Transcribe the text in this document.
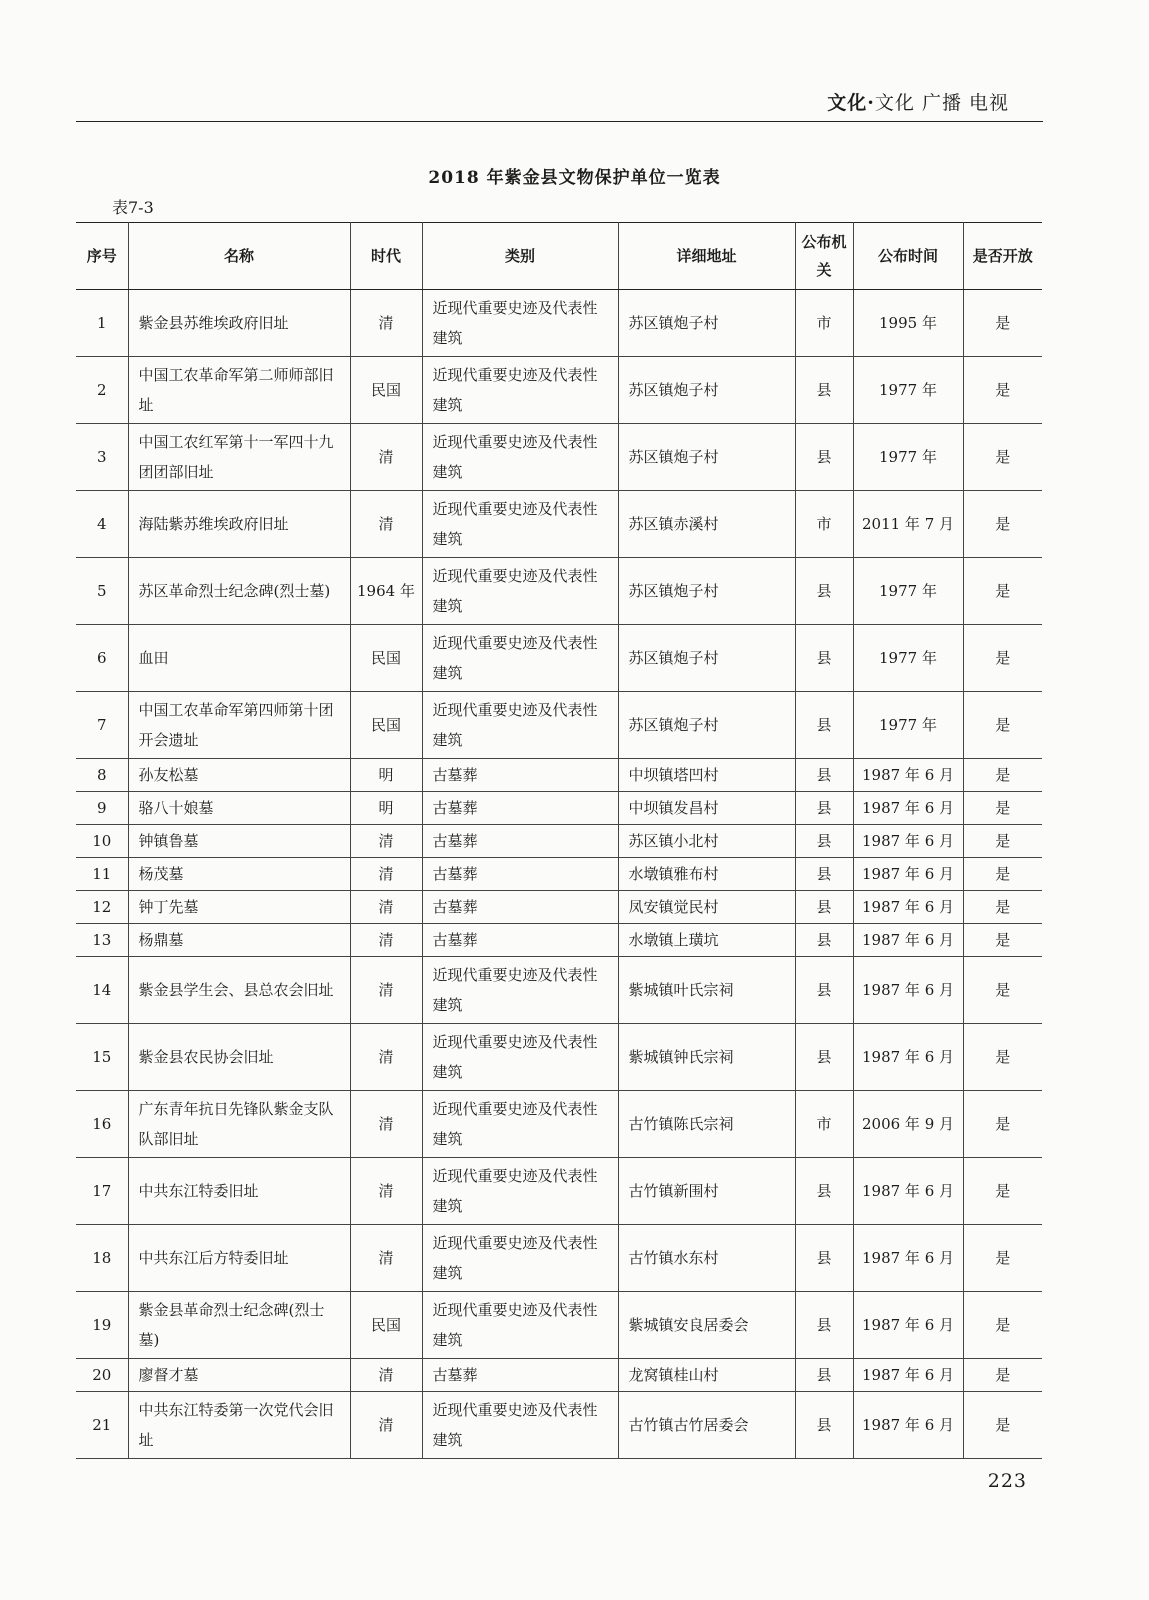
文化·文化 广播 电视
2018 年紫金县文物保护单位一览表
表7-3
序号	名称	时代	类别	详细地址	公布机关	公布时间	是否开放
1	紫金县苏维埃政府旧址	清	近现代重要史迹及代表性建筑	苏区镇炮子村	市	1995 年	是
2	中国工农革命军第二师师部旧址	民国	近现代重要史迹及代表性建筑	苏区镇炮子村	县	1977 年	是
3	中国工农红军第十一军四十九团团部旧址	清	近现代重要史迹及代表性建筑	苏区镇炮子村	县	1977 年	是
4	海陆紫苏维埃政府旧址	清	近现代重要史迹及代表性建筑	苏区镇赤溪村	市	2011 年 7 月	是
5	苏区革命烈士纪念碑(烈士墓)	1964 年	近现代重要史迹及代表性建筑	苏区镇炮子村	县	1977 年	是
6	血田	民国	近现代重要史迹及代表性建筑	苏区镇炮子村	县	1977 年	是
7	中国工农革命军第四师第十团开会遗址	民国	近现代重要史迹及代表性建筑	苏区镇炮子村	县	1977 年	是
8	孙友松墓	明	古墓葬	中坝镇塔凹村	县	1987 年 6 月	是
9	骆八十娘墓	明	古墓葬	中坝镇发昌村	县	1987 年 6 月	是
10	钟镇鲁墓	清	古墓葬	苏区镇小北村	县	1987 年 6 月	是
11	杨茂墓	清	古墓葬	水墩镇雅布村	县	1987 年 6 月	是
12	钟丁先墓	清	古墓葬	凤安镇觉民村	县	1987 年 6 月	是
13	杨鼎墓	清	古墓葬	水墩镇上璜坑	县	1987 年 6 月	是
14	紫金县学生会、县总农会旧址	清	近现代重要史迹及代表性建筑	紫城镇叶氏宗祠	县	1987 年 6 月	是
15	紫金县农民协会旧址	清	近现代重要史迹及代表性建筑	紫城镇钟氏宗祠	县	1987 年 6 月	是
16	广东青年抗日先锋队紫金支队队部旧址	清	近现代重要史迹及代表性建筑	古竹镇陈氏宗祠	市	2006 年 9 月	是
17	中共东江特委旧址	清	近现代重要史迹及代表性建筑	古竹镇新围村	县	1987 年 6 月	是
18	中共东江后方特委旧址	清	近现代重要史迹及代表性建筑	古竹镇水东村	县	1987 年 6 月	是
19	紫金县革命烈士纪念碑(烈士墓)	民国	近现代重要史迹及代表性建筑	紫城镇安良居委会	县	1987 年 6 月	是
20	廖督才墓	清	古墓葬	龙窝镇桂山村	县	1987 年 6 月	是
21	中共东江特委第一次党代会旧址	清	近现代重要史迹及代表性建筑	古竹镇古竹居委会	县	1987 年 6 月	是
223
